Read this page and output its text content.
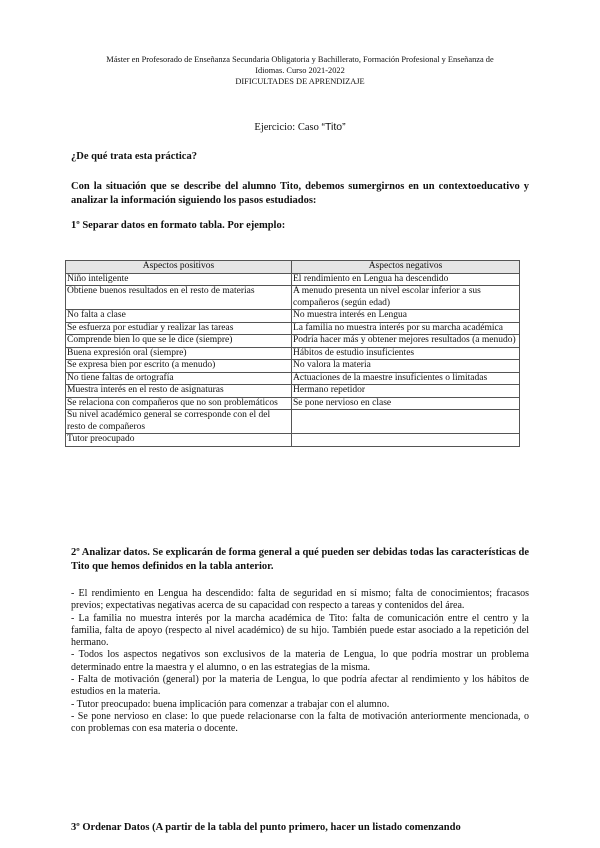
Máster en Profesorado de Enseñanza Secundaria Obligatoria y Bachillerato, Formación Profesional y Enseñanza de
Idiomas. Curso 2021-2022
DIFICULTADES DE APRENDIZAJE
Ejercicio: Caso “Tito”
¿De qué trata esta práctica?
Con la situación que se describe del alumno Tito, debemos sumergirnos en un contextoeducativo y analizar la información siguiendo los pasos estudiados:
1º Separar datos en formato tabla. Por ejemplo:
Aspectos positivos	Aspectos negativos
Niño inteligente	El rendimiento en Lengua ha descendido
Obtiene buenos resultados en el resto de materias	A menudo presenta un nivel escolar inferior a sus compañeros (según edad)
No falta a clase	No muestra interés en Lengua
Se esfuerza por estudiar y realizar las tareas	La familia no muestra interés por su marcha académica
Comprende bien lo que se le dice (siempre)	Podría hacer más y obtener mejores resultados (a menudo)
Buena expresión oral (siempre)	Hábitos de estudio insuficientes
Se expresa bien por escrito (a menudo)	No valora la materia
No tiene faltas de ortografía	Actuaciones de la maestre insuficientes o limitadas
Muestra interés en el resto de asignaturas	Hermano repetidor
Se relaciona con compañeros que no son problemáticos	Se pone nervioso en clase
Su nivel académico general se corresponde con el del resto de compañeros	
Tutor preocupado	
2º Analizar datos. Se explicarán de forma general a qué pueden ser debidas todas las características de Tito que hemos definidos en la tabla anterior.

- El rendimiento en Lengua ha descendido: falta de seguridad en sí mismo; falta de conocimientos; fracasos previos; expectativas negativas acerca de su capacidad con respecto a tareas y contenidos del área.

- La familia no muestra interés por la marcha académica de Tito: falta de comunicación entre el centro y la familia, falta de apoyo (respecto al nivel académico) de su hijo. También puede estar asociado a la repetición del hermano.

- Todos los aspectos negativos son exclusivos de la materia de Lengua, lo que podría mostrar un problema determinado entre la maestra y el alumno, o en las estrategias de la misma.

- Falta de motivación (general) por la materia de Lengua, lo que podría afectar al rendimiento y los hábitos de estudios en la materia.

- Tutor preocupado: buena implicación para comenzar a trabajar con el alumno.

- Se pone nervioso en clase: lo que puede relacionarse con la falta de motivación anteriormente mencionada, o con problemas con esa materia o docente.

3º Ordenar Datos (A partir de la tabla del punto primero, hacer un listado comenzando
